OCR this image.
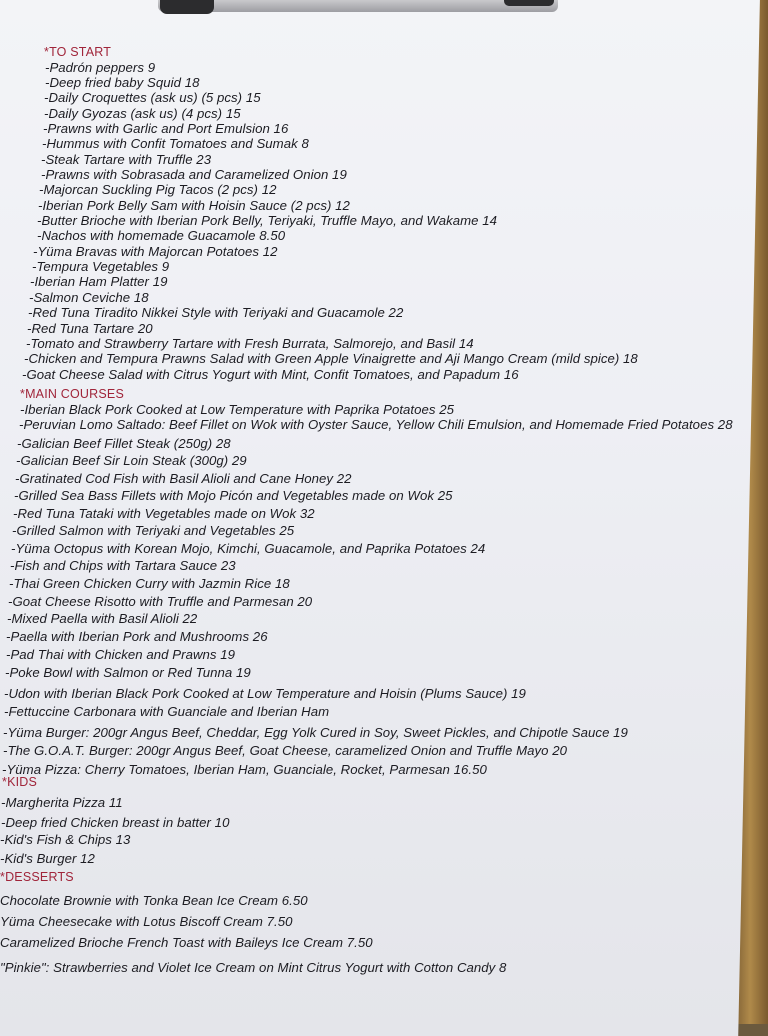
*TO START
-Padrón peppers 9
-Deep fried baby Squid 18
-Daily Croquettes (ask us) (5 pcs) 15
-Daily Gyozas (ask us) (4 pcs) 15
-Prawns with Garlic and Port Emulsion 16
-Hummus with Confit Tomatoes and Sumak 8
-Steak Tartare with Truffle 23
-Prawns with Sobrasada and Caramelized Onion 19
-Majorcan Suckling Pig Tacos (2 pcs) 12
-Iberian Pork Belly Sam with Hoisin Sauce (2 pcs) 12
-Butter Brioche with Iberian Pork Belly, Teriyaki, Truffle Mayo, and Wakame 14
-Nachos with homemade Guacamole 8.50
-Yüma Bravas with Majorcan Potatoes 12
-Tempura Vegetables 9
-Iberian Ham Platter 19
-Salmon Ceviche 18
-Red Tuna Tiradito Nikkei Style with Teriyaki and Guacamole 22
-Red Tuna Tartare 20
-Tomato and Strawberry Tartare with Fresh Burrata, Salmorejo, and Basil 14
-Chicken and Tempura Prawns Salad with Green Apple Vinaigrette and Aji Mango Cream (mild spice) 18
-Goat Cheese Salad with Citrus Yogurt with Mint, Confit Tomatoes, and Papadum 16
*MAIN COURSES
-Iberian Black Pork Cooked at Low Temperature with Paprika Potatoes 25
-Peruvian Lomo Saltado: Beef Fillet on Wok with Oyster Sauce, Yellow Chili Emulsion, and Homemade Fried Potatoes 28
-Galician Beef Fillet Steak (250g) 28
-Galician Beef Sir Loin Steak (300g) 29
-Gratinated Cod Fish with Basil Alioli and Cane Honey 22
-Grilled Sea Bass Fillets with Mojo Picón and Vegetables made on Wok 25
-Red Tuna Tataki with Vegetables made on Wok 32
-Grilled Salmon with Teriyaki and Vegetables 25
-Yüma Octopus with Korean Mojo, Kimchi, Guacamole, and Paprika Potatoes 24
-Fish and Chips with Tartara Sauce 23
-Thai Green Chicken Curry with Jazmin Rice 18
-Goat Cheese Risotto with Truffle and Parmesan 20
-Mixed Paella with Basil Alioli 22
-Paella with Iberian Pork and Mushrooms 26
-Pad Thai with Chicken and Prawns 19
-Poke Bowl with Salmon or Red Tunna 19
-Udon with Iberian Black Pork Cooked at Low Temperature and Hoisin (Plums Sauce) 19
-Fettuccine Carbonara with Guanciale and Iberian Ham
-Yüma Burger: 200gr Angus Beef, Cheddar, Egg Yolk Cured in Soy, Sweet Pickles, and Chipotle Sauce 19
-The G.O.A.T. Burger: 200gr Angus Beef, Goat Cheese, caramelized Onion and Truffle Mayo 20
-Yüma Pizza: Cherry Tomatoes, Iberian Ham, Guanciale, Rocket, Parmesan 16.50
*KIDS
-Margherita Pizza 11
-Deep fried Chicken breast in batter 10
-Kid's Fish & Chips 13
-Kid's Burger 12
*DESSERTS
Chocolate Brownie with Tonka Bean Ice Cream 6.50
Yüma Cheesecake with Lotus Biscoff Cream 7.50
Caramelized Brioche French Toast with Baileys Ice Cream 7.50
"Pinkie": Strawberries and Violet Ice Cream on Mint Citrus Yogurt with Cotton Candy 8
